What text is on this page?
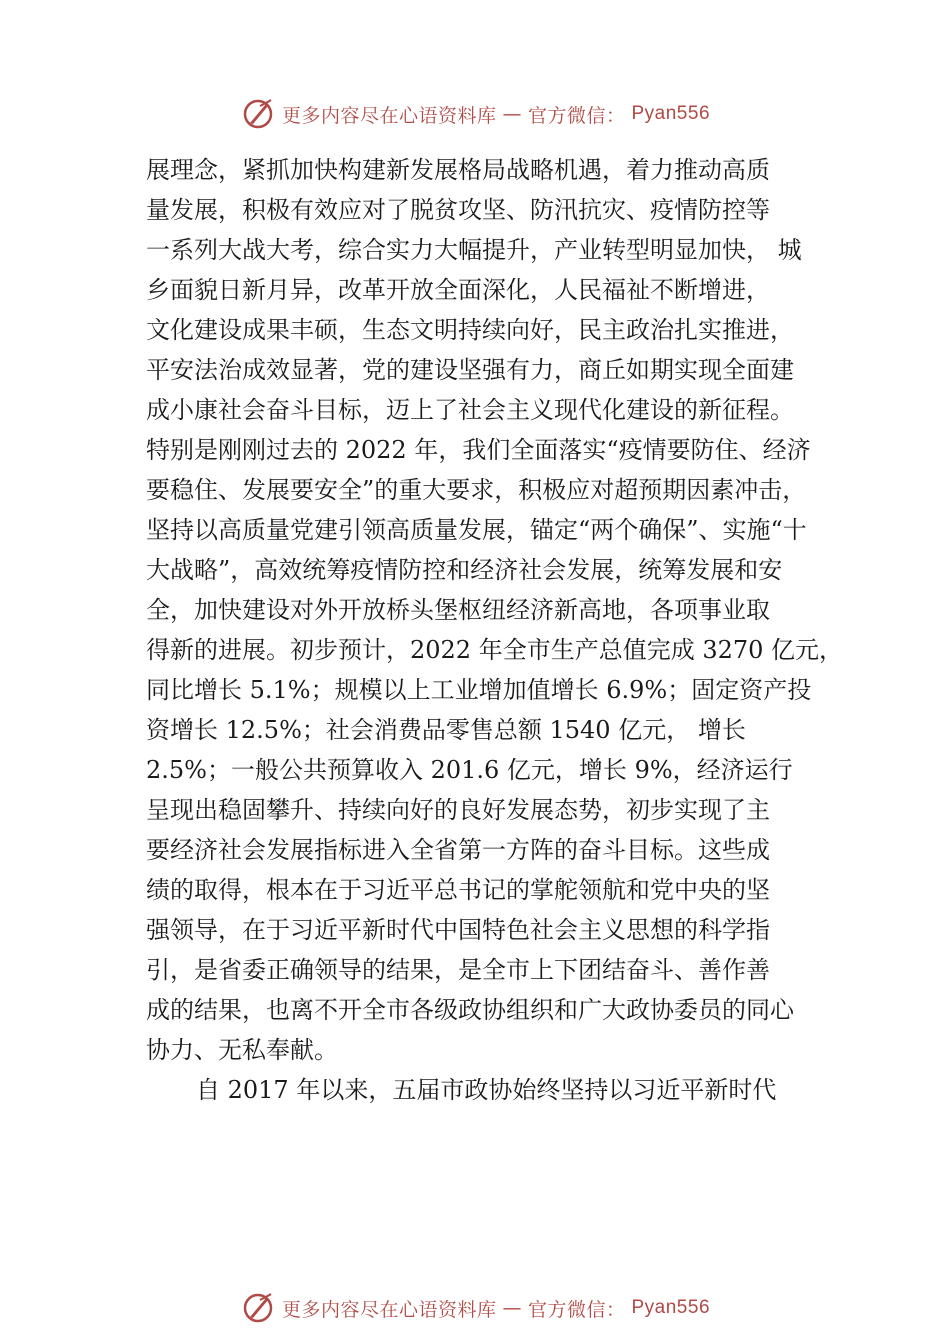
更多内容尽在心语资料库 — 官方微信： Pyan556
展理念，紧抓加快构建新发展格局战略机遇，着力推动高质
量发展，积极有效应对了脱贫攻坚、防汛抗灾、疫情防控等
一系列大战大考，综合实力大幅提升，产业转型明显加快， 城
乡面貌日新月异，改革开放全面深化，人民福祉不断增进，
文化建设成果丰硕，生态文明持续向好，民主政治扎实推进，
平安法治成效显著，党的建设坚强有力，商丘如期实现全面建
成小康社会奋斗目标，迈上了社会主义现代化建设的新征程。
特别是刚刚过去的 2022 年，我们全面落实“疫情要防住、经济
要稳住、发展要安全”的重大要求，积极应对超预期因素冲击，
坚持以高质量党建引领高质量发展，锚定“两个确保”、实施“十
大战略”，高效统筹疫情防控和经济社会发展，统筹发展和安
全，加快建设对外开放桥头堡枢纽经济新高地，各项事业取
得新的进展。初步预计，2022 年全市生产总值完成 3270 亿元，
同比增长 5.1%；规模以上工业增加值增长 6.9%；固定资产投
资增长 12.5%；社会消费品零售总额 1540 亿元， 增长
2.5%；一般公共预算收入 201.6 亿元，增长 9%，经济运行
呈现出稳固攀升、持续向好的良好发展态势，初步实现了主
要经济社会发展指标进入全省第一方阵的奋斗目标。这些成
绩的取得，根本在于习近平总书记的掌舵领航和党中央的坚
强领导，在于习近平新时代中国特色社会主义思想的科学指
引，是省委正确领导的结果，是全市上下团结奋斗、善作善
成的结果，也离不开全市各级政协组织和广大政协委员的同心
协力、无私奉献。
自 2017 年以来，五届市政协始终坚持以习近平新时代
更多内容尽在心语资料库 — 官方微信： Pyan556
